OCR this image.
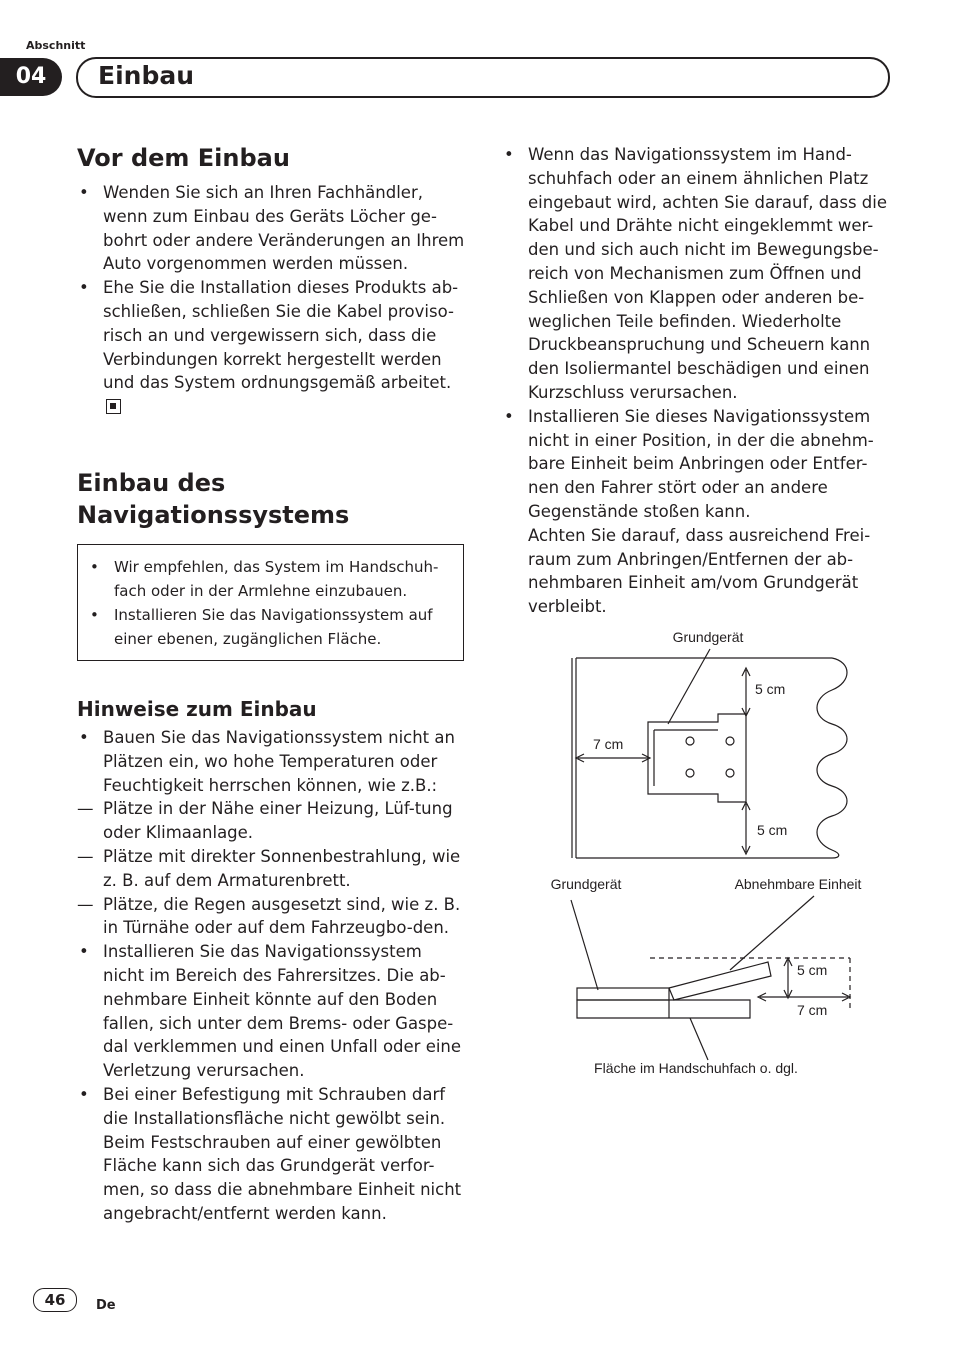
Abschnitt
04	Einbau
Vor dem Einbau
• Wenden Sie sich an Ihren Fachhändler, wenn zum Einbau des Geräts Löcher ge-bohrt oder andere Veränderungen an Ihrem Auto vorgenommen werden müssen.
• Ehe Sie die Installation dieses Produkts ab-schließen, schließen Sie die Kabel proviso-risch an und vergewissern sich, dass die Verbindungen korrekt hergestellt werden und das System ordnungsgemäß arbeitet.
Einbau des
Navigationssystems
• Wir empfehlen, das System im Handschuh-fach oder in der Armlehne einzubauen.
• Installieren Sie das Navigationssystem auf einer ebenen, zugänglichen Fläche.
Hinweise zum Einbau
• Bauen Sie das Navigationssystem nicht an Plätzen ein, wo hohe Temperaturen oder Feuchtigkeit herrschen können, wie z.B.:
— Plätze in der Nähe einer Heizung, Lüf-tung oder Klimaanlage.
— Plätze mit direkter Sonnenbestrahlung, wie z. B. auf dem Armaturenbrett.
— Plätze, die Regen ausgesetzt sind, wie z. B. in Türnähe oder auf dem Fahrzeugbo-den.
• Installieren Sie das Navigationssystem nicht im Bereich des Fahrersitzes. Die ab-nehmbare Einheit könnte auf den Boden fallen, sich unter dem Brems- oder Gaspe-dal verklemmen und einen Unfall oder eine Verletzung verursachen.
• Bei einer Befestigung mit Schrauben darf die Installationsfläche nicht gewölbt sein. Beim Festschrauben auf einer gewölbten Fläche kann sich das Grundgerät verfor-men, so dass die abnehmbare Einheit nicht angebracht/entfernt werden kann.
• Wenn das Navigationssystem im Hand-schuhfach oder an einem ähnlichen Platz eingebaut wird, achten Sie darauf, dass die Kabel und Drähte nicht eingeklemmt wer-den und sich auch nicht im Bewegungsbe-reich von Mechanismen zum Öffnen und Schließen von Klappen oder anderen be-weglichen Teile befinden. Wiederholte Druckbeanspruchung und Scheuern kann den Isoliermantel beschädigen und einen Kurzschluss verursachen.
• Installieren Sie dieses Navigationssystem nicht in einer Position, in der die abnehm-bare Einheit beim Anbringen oder Entfer-nen den Fahrer stört oder an andere Gegenstände stoßen kann.
Achten Sie darauf, dass ausreichend Frei-raum zum Anbringen/Entfernen der ab-nehmbaren Einheit am/vom Grundgerät verbleibt.
Grundgerät
5 cm
7 cm
5 cm
Grundgerät	Abnehmbare Einheit
5 cm
7 cm
Fläche im Handschuhfach o. dgl.
46	De
